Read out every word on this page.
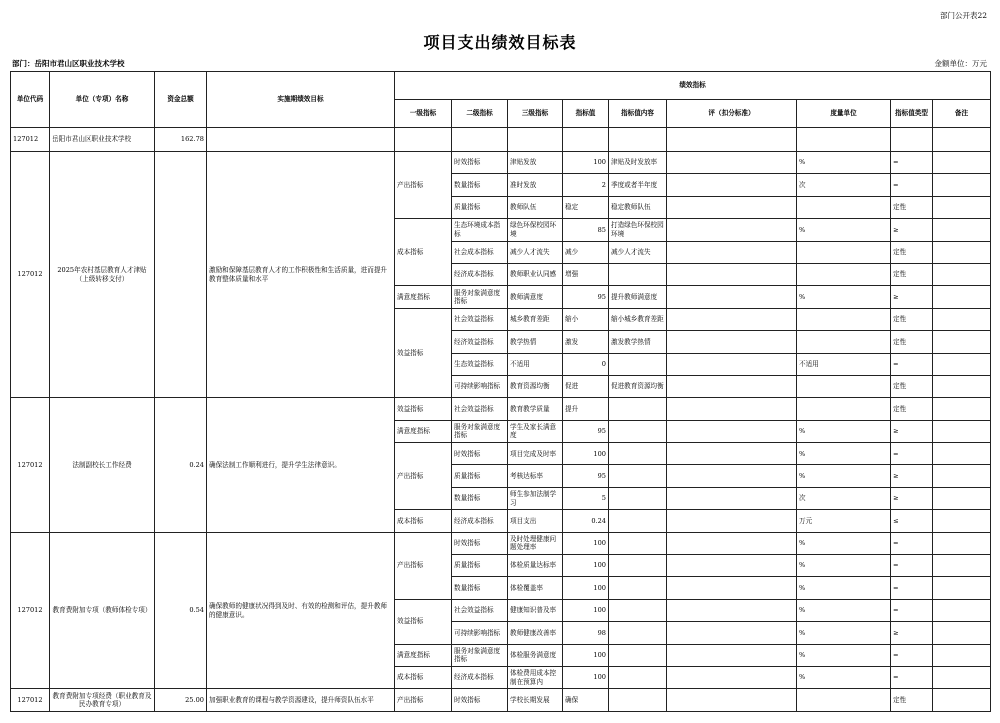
部门公开表22
项目支出绩效目标表
部门：岳阳市君山区职业技术学校	金额单位：万元
单位代码	单位（专项）名称	资金总额	实施期绩效目标	绩效指标								
				一级指标	二级指标	三级指标	指标值	指标值内容	评（扣分标准）	度量单位	指标值类型	备注
127012	岳阳市君山区职业技术学校	162.78										
127012	2025年农村基层教育人才津贴（上级转移支付）		激励和保障基层教育人才的工作积极性和生活质量，进而提升教育整体质量和水平	产出指标	时效指标	津贴发放	100	津贴及时发放率		%	=	
					数量指标	准时发放	2	季度或者半年度		次	=	
					质量指标	教师队伍	稳定	稳定教师队伍			定性	
				成本指标	生态环境成本指标	绿色环保校园环境	85	打造绿色环保校园环境		%	≥	
					社会成本指标	减少人才流失	减少	减少人才流失			定性	
					经济成本指标	教师职业认同感	增强				定性	
				满意度指标	服务对象满意度指标	教师满意度	95	提升教师满意度		%	≥	
				效益指标	社会效益指标	城乡教育差距	缩小	缩小城乡教育差距			定性	
					经济效益指标	教学热情	激发	激发教学热情			定性	
					生态效益指标	不适用	0			不适用	=	
					可持续影响指标	教育资源均衡	促进	促进教育资源均衡			定性	
127012	法制副校长工作经费	0.24	确保法制工作顺利进行，提升学生法律意识。	效益指标	社会效益指标	教育教学质量	提升				定性	
				满意度指标	服务对象满意度指标	学生及家长满意度	95			%	≥	
				产出指标	时效指标	项目完成及时率	100			%	=	
					质量指标	考核达标率	95			%	≥	
					数量指标	师生参加法制学习	5			次	≥	
				成本指标	经济成本指标	项目支出	0.24			万元	≤	
127012	教育费附加专项（教师体检专项）	0.54	确保教师的健康状况得到及时、有效的检测和评估，提升教师的健康意识。	产出指标	时效指标	及时处理健康问题处理率	100			%	=	
					质量指标	体检质量达标率	100			%	=	
					数量指标	体检覆盖率	100			%	=	
				效益指标	社会效益指标	健康知识普及率	100			%	=	
					可持续影响指标	教师健康改善率	98			%	≥	
				满意度指标	服务对象满意度指标	体检服务满意度	100			%	=	
				成本指标	经济成本指标	体检费用成本控制在预算内	100			%	=	
127012	教育费附加专项经费（职业教育及民办教育专项）	25.00	加强职业教育的课程与教学资源建设，提升师资队伍水平	产出指标	时效指标	学校长期发展	确保				定性	
